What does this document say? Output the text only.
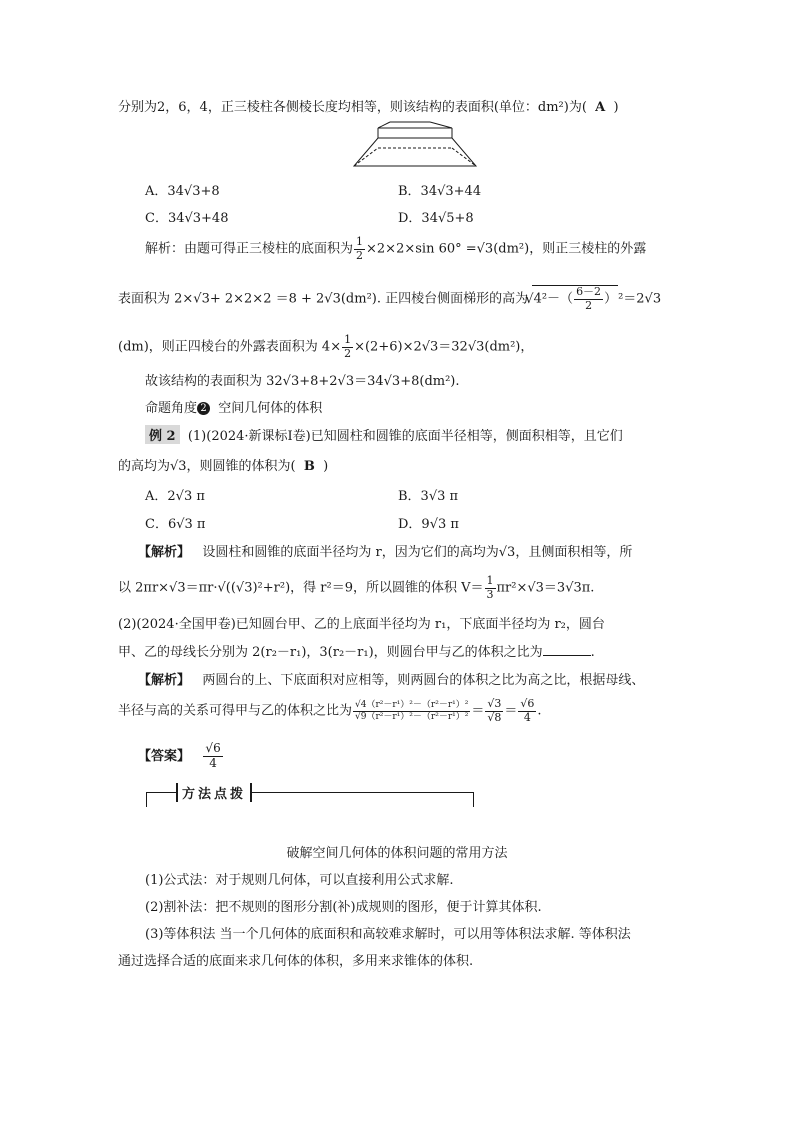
分别为2，6，4，正三棱柱各侧棱长度均相等，则该结构的表面积(单位：dm²)为( A )
A．34√3+8	B．34√3+44
C．34√3+48	D．34√5+8
解析：由题可得正三棱柱的底面积为 $\frac{1}{2} \times 2\times 2\times\sin$ 60° =√3(dm²)，则正三棱柱的外露
表面积为 2×√3+ 2×2×2 ＝8 + 2√3(dm²). 正四棱台侧面梯形的高为 √ $4^2-( \frac{6-2}{2} )^2=2√3$
(dm)，则正四棱台的外露表面积为 $4\times \frac{1}{2} \times(2+6)\times 2√3=32√3(dm^2)$，
故该结构的表面积为 32√3+8+2√3＝34√3+8(dm²).
命题角度 2 空间几何体的体积
例 2 (1)(2024·新课标Ⅰ卷)已知圆柱和圆锥的底面半径相等，侧面积相等，且它们
的高均为√3，则圆锥的体积为( B )
A．2√3 π	B．3√3 π
C．6√3 π	D．9√3 π
【解析】 设圆柱和圆锥的底面半径均为 r，因为它们的高均为√3，且侧面积相等，所
以 2πr×√3＝πr·√((√3)²+r²)，得 r²＝9，所以圆锥的体积 $V= \frac{1}{3} \pi r^2\times√3=3√3\pi$.
(2)(2024·全国甲卷)已知圆台甲、乙的上底面半径均为 r₁，下底面半径均为 r₂，圆台
甲、乙的母线长分别为 2(r₂－r₁)，3(r₂－r₁)，则圆台甲与乙的体积之比为	.
【解析】 两圆台的上、下底面积对应相等，则两圆台的体积之比为高之比，根据母线、
半径与高的关系可得甲与乙的体积之比为 $\frac{\text{√4（r²－r¹）²－（r²－r¹）²}}{\text{√9（r²－r¹）²－（r²－r¹）²}} = \frac{√3}{√8} = \frac{√6}{4}$ .
【答案】 $\frac{√6}{4}$
方法点拨
破解空间几何体的体积问题的常用方法
(1)公式法：对于规则几何体，可以直接利用公式求解.
(2)割补法：把不规则的图形分割(补)成规则的图形，便于计算其体积.
(3)等体积法 当一个几何体的底面积和高较难求解时，可以用等体积法求解. 等体积法
通过选择合适的底面来求几何体的体积，多用来求锥体的体积.
